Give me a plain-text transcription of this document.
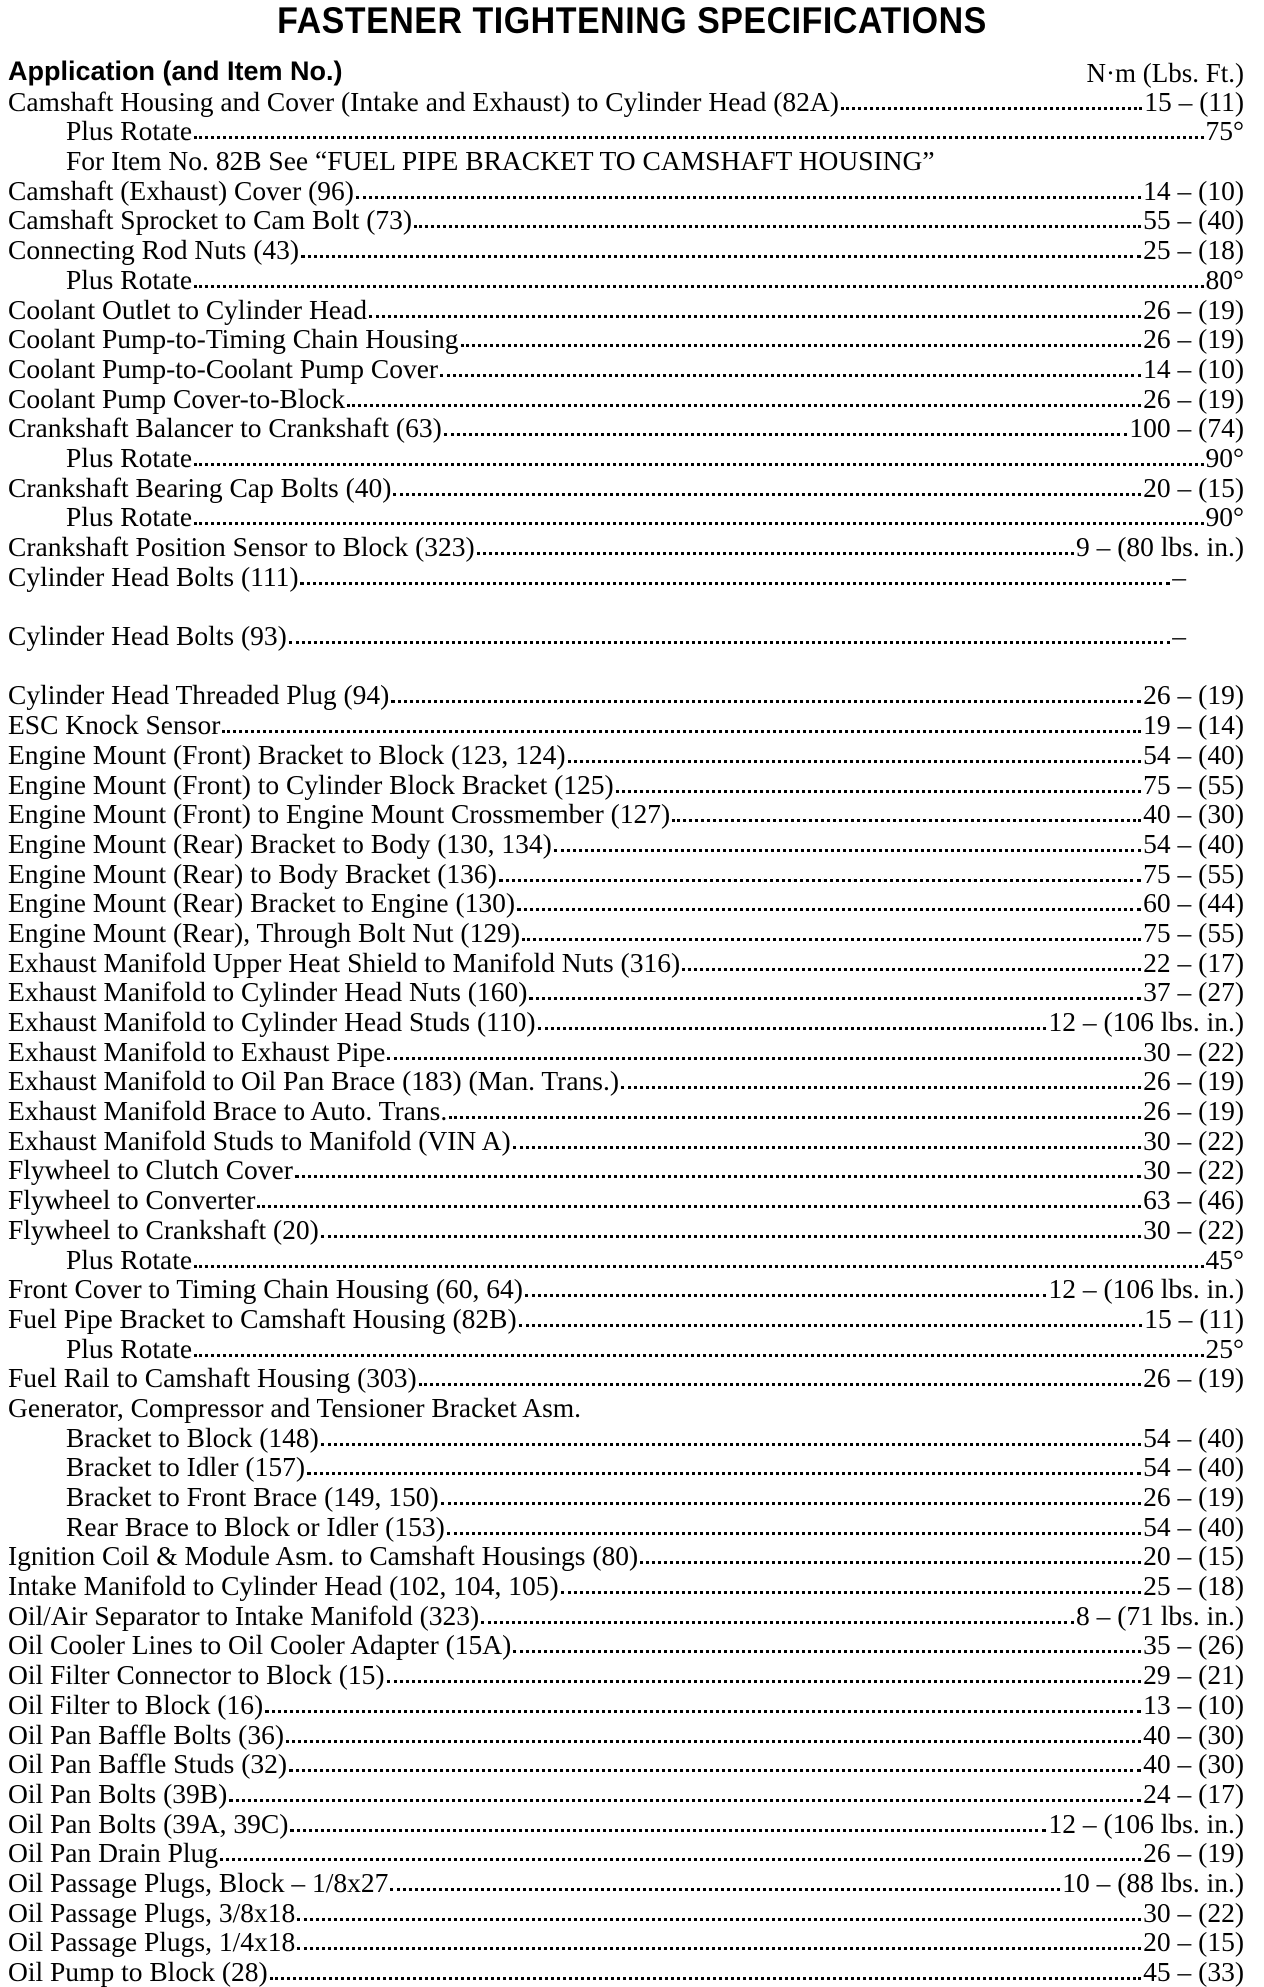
FASTENER TIGHTENING SPECIFICATIONS
Application (and Item No.)	N·m (Lbs. Ft.)
Camshaft Housing and Cover (Intake and Exhaust) to Cylinder Head (82A)	15 – (11)
Plus Rotate	75°
For Item No. 82B See “FUEL PIPE BRACKET TO CAMSHAFT HOUSING”
Camshaft (Exhaust) Cover (96)	14 – (10)
Camshaft Sprocket to Cam Bolt (73)	55 – (40)
Connecting Rod Nuts (43)	25 – (18)
Plus Rotate	80°
Coolant Outlet to Cylinder Head	26 – (19)
Coolant Pump-to-Timing Chain Housing	26 – (19)
Coolant Pump-to-Coolant Pump Cover	14 – (10)
Coolant Pump Cover-to-Block	26 – (19)
Crankshaft Balancer to Crankshaft (63)	100 – (74)
Plus Rotate	90°
Crankshaft Bearing Cap Bolts (40)	20 – (15)
Plus Rotate	90°
Crankshaft Position Sensor to Block (323)	9 – (80 lbs. in.)
Cylinder Head Bolts (111)	–
Cylinder Head Bolts (93)	–
Cylinder Head Threaded Plug (94)	26 – (19)
ESC Knock Sensor	19 – (14)
Engine Mount (Front) Bracket to Block (123, 124)	54 – (40)
Engine Mount (Front) to Cylinder Block Bracket (125)	75 – (55)
Engine Mount (Front) to Engine Mount Crossmember (127)	40 – (30)
Engine Mount (Rear) Bracket to Body (130, 134)	54 – (40)
Engine Mount (Rear) to Body Bracket (136)	75 – (55)
Engine Mount (Rear) Bracket to Engine (130)	60 – (44)
Engine Mount (Rear), Through Bolt Nut (129)	75 – (55)
Exhaust Manifold Upper Heat Shield to Manifold Nuts (316)	22 – (17)
Exhaust Manifold to Cylinder Head Nuts (160)	37 – (27)
Exhaust Manifold to Cylinder Head Studs (110)	12 – (106 lbs. in.)
Exhaust Manifold to Exhaust Pipe	30 – (22)
Exhaust Manifold to Oil Pan Brace (183) (Man. Trans.)	26 – (19)
Exhaust Manifold Brace to Auto. Trans.	26 – (19)
Exhaust Manifold Studs to Manifold (VIN A)	30 – (22)
Flywheel to Clutch Cover	30 – (22)
Flywheel to Converter	63 – (46)
Flywheel to Crankshaft (20)	30 – (22)
Plus Rotate	45°
Front Cover to Timing Chain Housing (60, 64)	12 – (106 lbs. in.)
Fuel Pipe Bracket to Camshaft Housing (82B)	15 – (11)
Plus Rotate	25°
Fuel Rail to Camshaft Housing (303)	26 – (19)
Generator, Compressor and Tensioner Bracket Asm.
Bracket to Block (148)	54 – (40)
Bracket to Idler (157)	54 – (40)
Bracket to Front Brace (149, 150)	26 – (19)
Rear Brace to Block or Idler (153)	54 – (40)
Ignition Coil & Module Asm. to Camshaft Housings (80)	20 – (15)
Intake Manifold to Cylinder Head (102, 104, 105)	25 – (18)
Oil/Air Separator to Intake Manifold (323)	8 – (71 lbs. in.)
Oil Cooler Lines to Oil Cooler Adapter (15A)	35 – (26)
Oil Filter Connector to Block (15)	29 – (21)
Oil Filter to Block (16)	13 – (10)
Oil Pan Baffle Bolts (36)	40 – (30)
Oil Pan Baffle Studs (32)	40 – (30)
Oil Pan Bolts (39B)	24 – (17)
Oil Pan Bolts (39A, 39C)	12 – (106 lbs. in.)
Oil Pan Drain Plug	26 – (19)
Oil Passage Plugs, Block – 1/8x27	10 – (88 lbs. in.)
Oil Passage Plugs, 3/8x18	30 – (22)
Oil Passage Plugs, 1/4x18	20 – (15)
Oil Pump to Block (28)	45 – (33)
